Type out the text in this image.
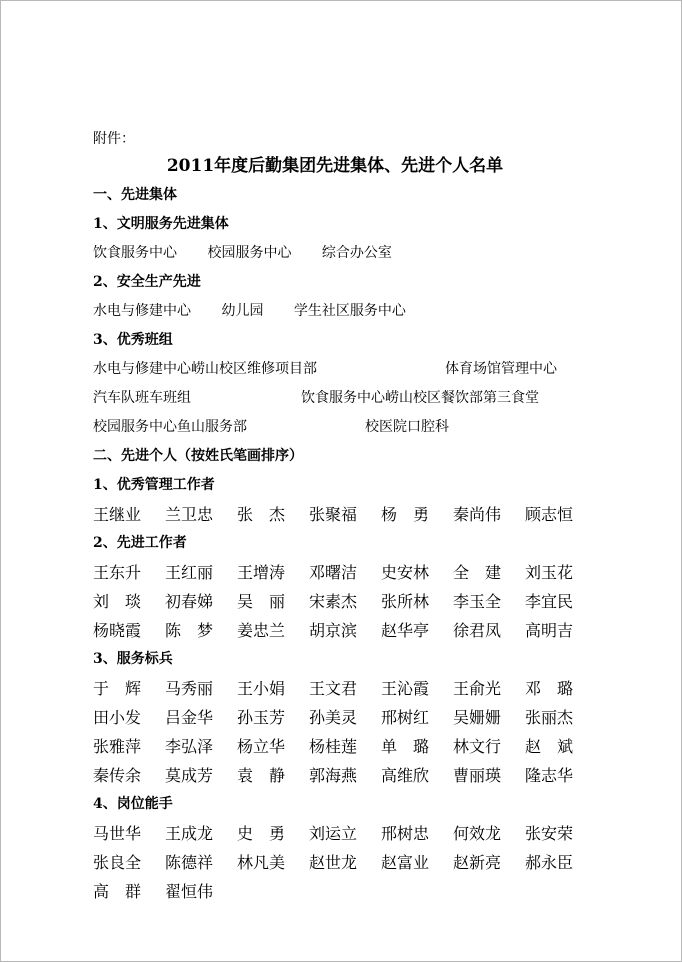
附件：
2011年度后勤集团先进集体、先进个人名单
一、先进集体
1、文明服务先进集体
饮食服务中心 校园服务中心 综合办公室
2、安全生产先进
水电与修建中心 幼儿园 学生社区服务中心
3、优秀班组
水电与修建中心崂山校区维修项目部	体育场馆管理中心
汽车队班车班组	饮食服务中心崂山校区餐饮部第三食堂
校园服务中心鱼山服务部	校医院口腔科
二、先进个人（按姓氏笔画排序）
1、优秀管理工作者
王继业	兰卫忠	张　杰	张聚福	杨　勇	秦尚伟	顾志恒
2、先进工作者
王东升	王红丽	王增涛	邓曙洁	史安林	全　建	刘玉花
刘　琰	初春娣	吴　丽	宋素杰	张所林	李玉全	李宜民
杨晓霞	陈　梦	姜忠兰	胡京滨	赵华亭	徐君凤	高明吉
3、服务标兵
于　辉	马秀丽	王小娟	王文君	王沁霞	王俞光	邓　璐
田小发	吕金华	孙玉芳	孙美灵	邢树红	吴姗姗	张丽杰
张雅萍	李弘泽	杨立华	杨桂莲	单　璐	林文行	赵　斌
秦传余	莫成芳	袁　静	郭海燕	高维欣	曹丽瑛	隆志华
4、岗位能手
马世华	王成龙	史　勇	刘运立	邢树忠	何效龙	张安荣
张良全	陈德祥	林凡美	赵世龙	赵富业	赵新亮	郝永臣
高　群	翟恒伟
